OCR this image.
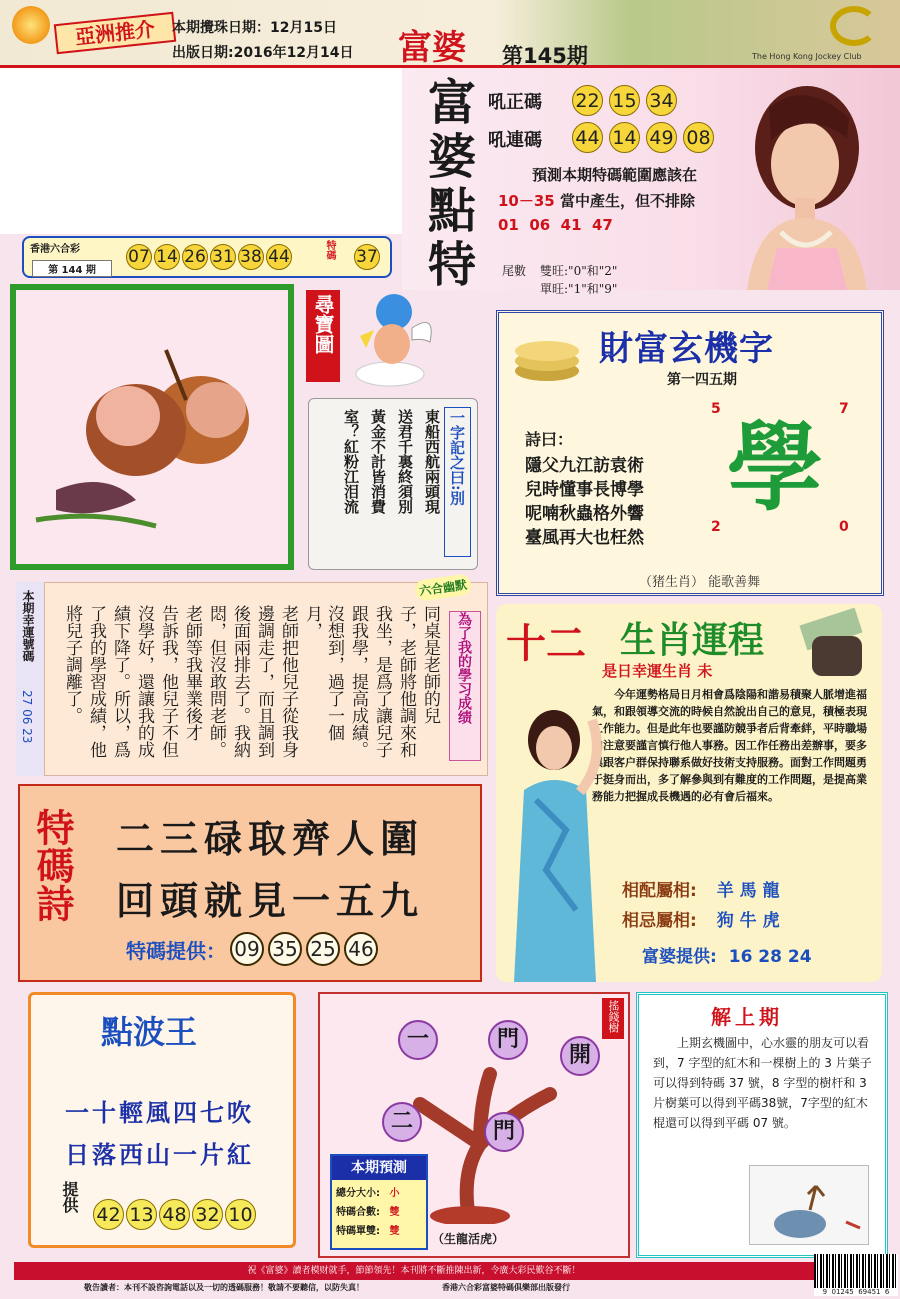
亞洲推介	本期攪珠日期：12月15日
出版日期:2016年12月14日 富婆 第145期	The Hong Kong Jockey Club
富
婆
點
特
吼正碼 22 15 34
吼連碼 44 14 49 08
預測本期特碼範圍應該在
10－35 當中產生，但不排除
01  06  41  47
尾數 雙旺:"0"和"2"
單旺:"1"和"9"
香港六合彩
第 144 期
07 14 26 31 38 44	特碼 37
尋寶圖
一字記之曰:別
東船西航兩頭現
送君千裏終須別
黃金不計皆消費
室？紅粉江泪流
財富玄機字
第一四五期
詩曰：
隱父九江訪袁術
兒時懂事長博學
呢喃秋蟲格外響
臺風再大也枉然
5	7
2	0
學
（猪生肖） 能歌善舞
本期幸運號碼
27 06 23
六合幽默
為了我的學习成绩
同桌是老師的兒
子，老師將他調來和
我坐，是爲了讓兒子
跟我學，提高成績。
沒想到，過了一個月，
老師把他兒子從我身
邊調走了，而且調到
後面兩排去了。我納
悶，但沒敢問老師。
老師等我畢業後才
告訴我，他兒子不但
沒學好，還讓我的成
績下降了。所以，爲
了我的學習成績，他
將兒子調離了。	十二 生肖運程
是日幸運生肖 未
今年運勢格局日月相會爲陰陽和諧易積聚人脈增進福氣，和跟領導交流的時候自然說出自己的意見，積極表現工作能力。但是此年也要謹防競爭者后背牽絆，平時職場内注意要謹言慎行他人事務。因工作任務出差辦事，要多與跟客户群保持聯系做好技術支持服務。面對工作問題勇于挺身而出，多了解參與到有難度的工作問題，是提高業務能力把握成長機遇的必有會后福來。
相配屬相: 羊 馬 龍
相忌屬相: 狗 牛 虎
富婆提供: 16 28 24
特碼詩 二三碌取齊人圍
回頭就見一五九
特碼提供： 09 35 25 46
點波王
一十輕風四七吹
日落西山一片紅
提供
42 13 48 32 10
搖錢樹
一	門
開
二	門
本期預測
總分大小: 小
特碼合數: 雙
特碼單雙: 雙
（生龍活虎）
解上期
上期玄機圖中，心水靈的朋友可以看到，7 字型的紅木和一棵樹上的 3 片葉子可以得到特碼 37 號，8 字型的樹杆和 3 片樹葉可以得到平碼38號，7字型的紅木棍還可以得到平碼 07 號。
祝《富婆》讀者模财就手，節節領先！本刊將不斷推陳出新，令廣大彩民歎谷不斷！
敬告讀者：本刊不設咨詢電話以及一切的透碼服務！敬請不要聽信，以防失真！	香港六合彩富婆特碼俱樂部出版發行	9  01245  69451  6
